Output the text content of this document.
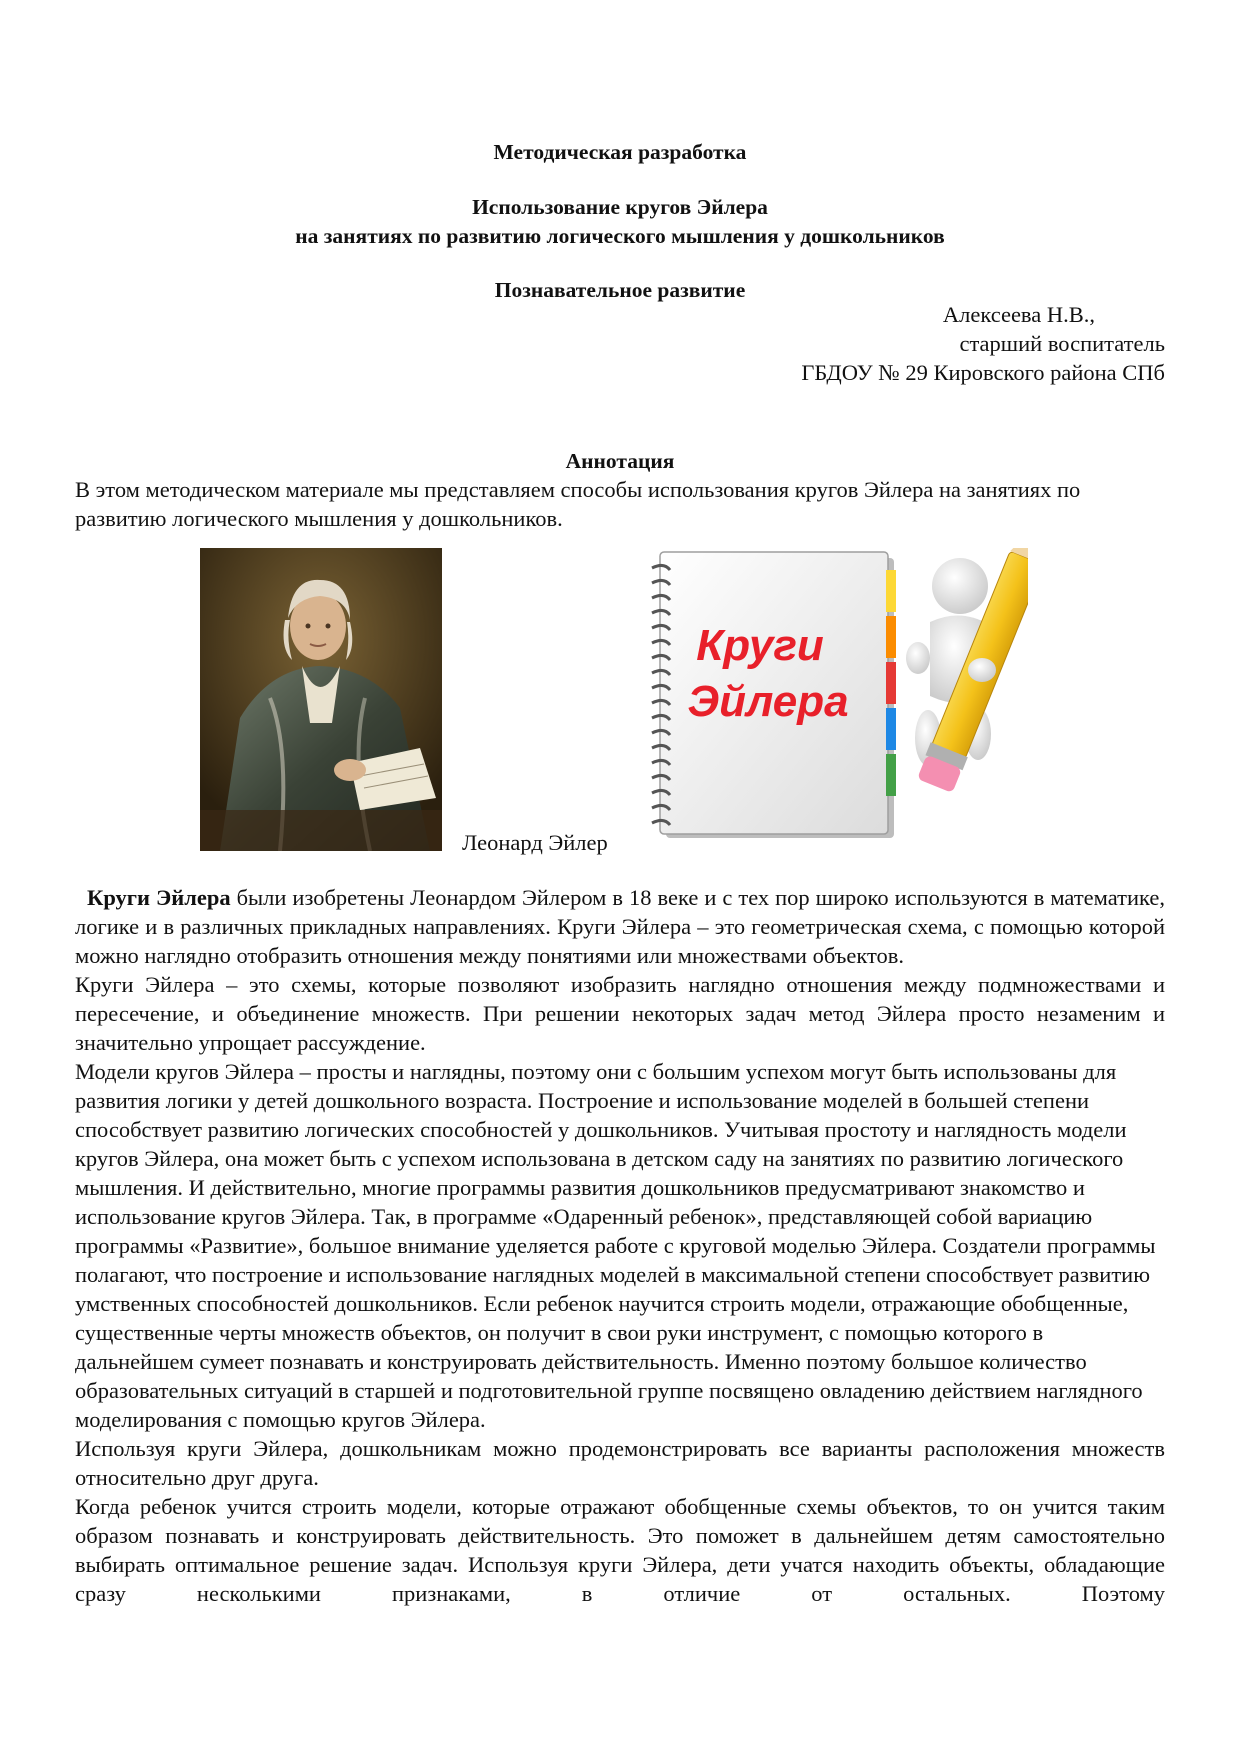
Методическая разработка
Использование кругов Эйлера
на занятиях по развитию логического мышления у дошкольников
Познавательное развитие
Алексеева Н.В.,
старший воспитатель
ГБДОУ № 29 Кировского района СПб
Аннотация

В этом методическом материале мы представляем способы использования кругов Эйлера на занятиях по развитию логического мышления у дошкольников.

Леонард Эйлер
Круги
Эйлера

Круги Эйлера были изобретены Леонардом Эйлером в 18 веке и с тех пор широко используются в математике, логике и в различных прикладных направлениях. Круги Эйлера – это геометрическая схема, с помощью которой можно наглядно отобразить отношения между понятиями или множествами объектов.

Круги Эйлера – это схемы, которые позволяют изобразить наглядно отношения между подмножествами и пересечение, и объединение множеств. При решении некоторых задач метод Эйлера просто незаменим и значительно упрощает рассуждение.

Модели кругов Эйлера – просты и наглядны, поэтому они с большим успехом могут быть использованы для развития логики у детей дошкольного возраста. Построение и использование моделей в большей степени способствует развитию логических способностей у дошкольников. Учитывая простоту и наглядность модели кругов Эйлера, она может быть с успехом использована в детском саду на занятиях по развитию логического мышления. И действительно, многие программы развития дошкольников предусматривают знакомство и использование кругов Эйлера. Так, в программе «Одаренный ребенок», представляющей собой вариацию программы «Развитие», большое внимание уделяется работе с круговой моделью Эйлера. Создатели программы полагают, что построение и использование наглядных моделей в максимальной степени способствует развитию умственных способностей дошкольников. Если ребенок научится строить модели, отражающие обобщенные, существенные черты множеств объектов, он получит в свои руки инструмент, с помощью которого в дальнейшем сумеет познавать и конструировать действительность. Именно поэтому большое количество образовательных ситуаций в старшей и подготовительной группе посвящено овладению действием наглядного моделирования с помощью кругов Эйлера.

Используя круги Эйлера, дошкольникам можно продемонстрировать все варианты расположения множеств относительно друг друга.

Когда ребенок учится строить модели, которые отражают обобщенные схемы объектов, то он учится таким образом познавать и конструировать действительность. Это поможет в дальнейшем детям самостоятельно выбирать оптимальное решение задач. Используя круги Эйлера, дети учатся находить объекты, обладающие сразу несколькими признаками, в отличие от остальных. Поэтому
